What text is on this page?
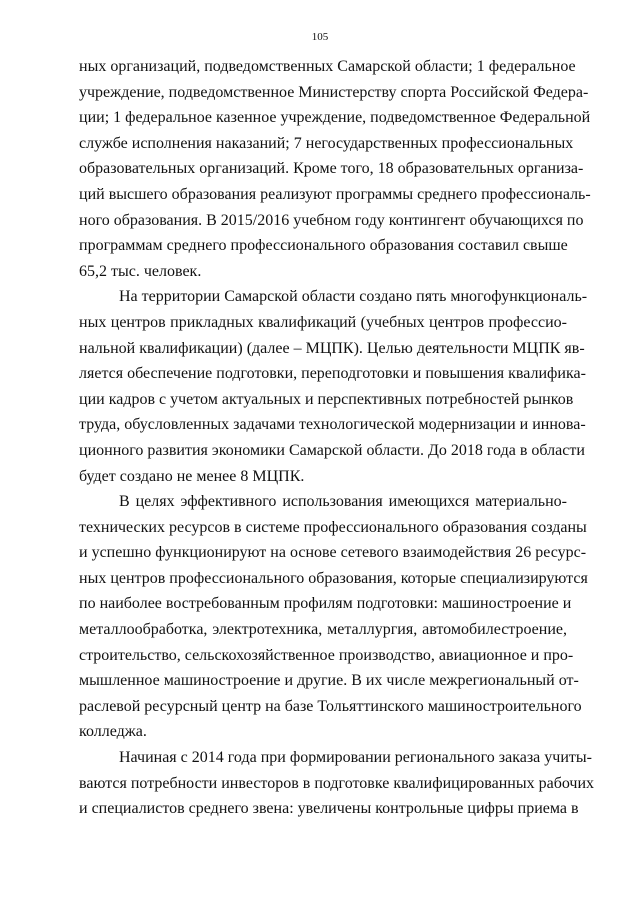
105
ных организаций, подведомственных Самарской области; 1 федеральное
учреждение, подведомственное Министерству спорта Российской Федера-
ции; 1 федеральное казенное учреждение, подведомственное Федеральной
службе исполнения наказаний; 7 негосударственных профессиональных
образовательных организаций. Кроме того, 18 образовательных организа-
ций высшего образования реализуют программы среднего профессиональ-
ного образования. В 2015/2016 учебном году контингент обучающихся по
программам среднего профессионального образования составил свыше
65,2 тыс. человек.
На территории Самарской области создано пять многофункциональ-
ных центров прикладных квалификаций (учебных центров профессио-
нальной квалификации) (далее – МЦПК). Целью деятельности МЦПК яв-
ляется обеспечение подготовки, переподготовки и повышения квалифика-
ции кадров с учетом актуальных и перспективных потребностей рынков
труда, обусловленных задачами технологической модернизации и иннова-
ционного развития экономики Самарской области. До 2018 года в области
будет создано не менее 8 МЦПК.
В целях эффективного использования имеющихся материально-
технических ресурсов в системе профессионального образования созданы
и успешно функционируют на основе сетевого взаимодействия 26 ресурс-
ных центров профессионального образования, которые специализируются
по наиболее востребованным профилям подготовки: машиностроение и
металлообработка, электротехника, металлургия, автомобилестроение,
строительство, сельскохозяйственное производство, авиационное и про-
мышленное машиностроение и другие. В их числе межрегиональный от-
раслевой ресурсный центр на базе Тольяттинского машиностроительного
колледжа.
Начиная с 2014 года при формировании регионального заказа учиты-
ваются потребности инвесторов в подготовке квалифицированных рабочих
и специалистов среднего звена: увеличены контрольные цифры приема в
